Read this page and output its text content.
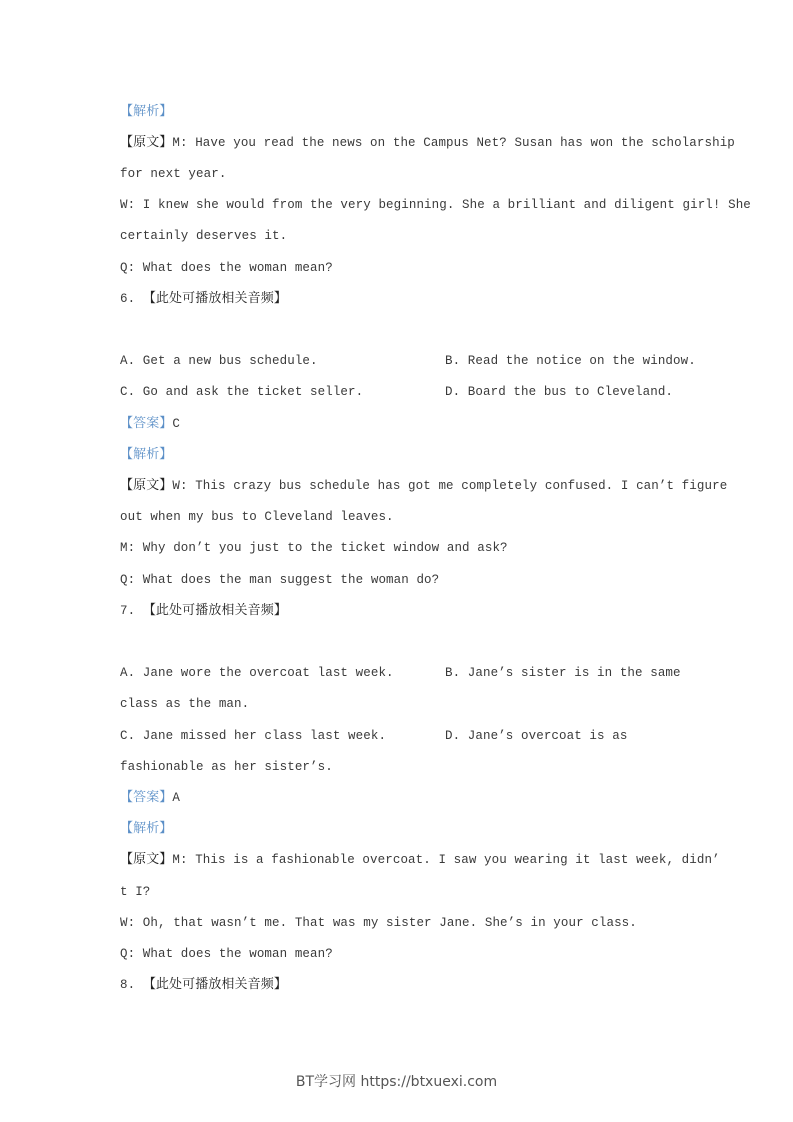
【解析】
【原文】M: Have you read the news on the Campus Net? Susan has won the scholarship
for next year.
W: I knew she would from the very beginning. She a brilliant and diligent girl! She
certainly deserves it.
Q: What does the woman mean?
6. 【此处可播放相关音频】
A. Get a new bus schedule.	B. Read the notice on the window.
C. Go and ask the ticket seller.	D. Board the bus to Cleveland.
【答案】C
【解析】
【原文】W: This crazy bus schedule has got me completely confused. I can’t figure
out when my bus to Cleveland leaves.
M: Why don’t you just to the ticket window and ask?
Q: What does the man suggest the woman do?
7. 【此处可播放相关音频】
A. Jane wore the overcoat last week.	B. Jane’s sister is in the same
class as the man.
C. Jane missed her class last week.	D. Jane’s overcoat is as
fashionable as her sister’s.
【答案】A
【解析】
【原文】M: This is a fashionable overcoat. I saw you wearing it last week, didn’
t I?
W: Oh, that wasn’t me. That was my sister Jane. She’s in your class.
Q: What does the woman mean?
8. 【此处可播放相关音频】
BT学习网 https://btxuexi.com
